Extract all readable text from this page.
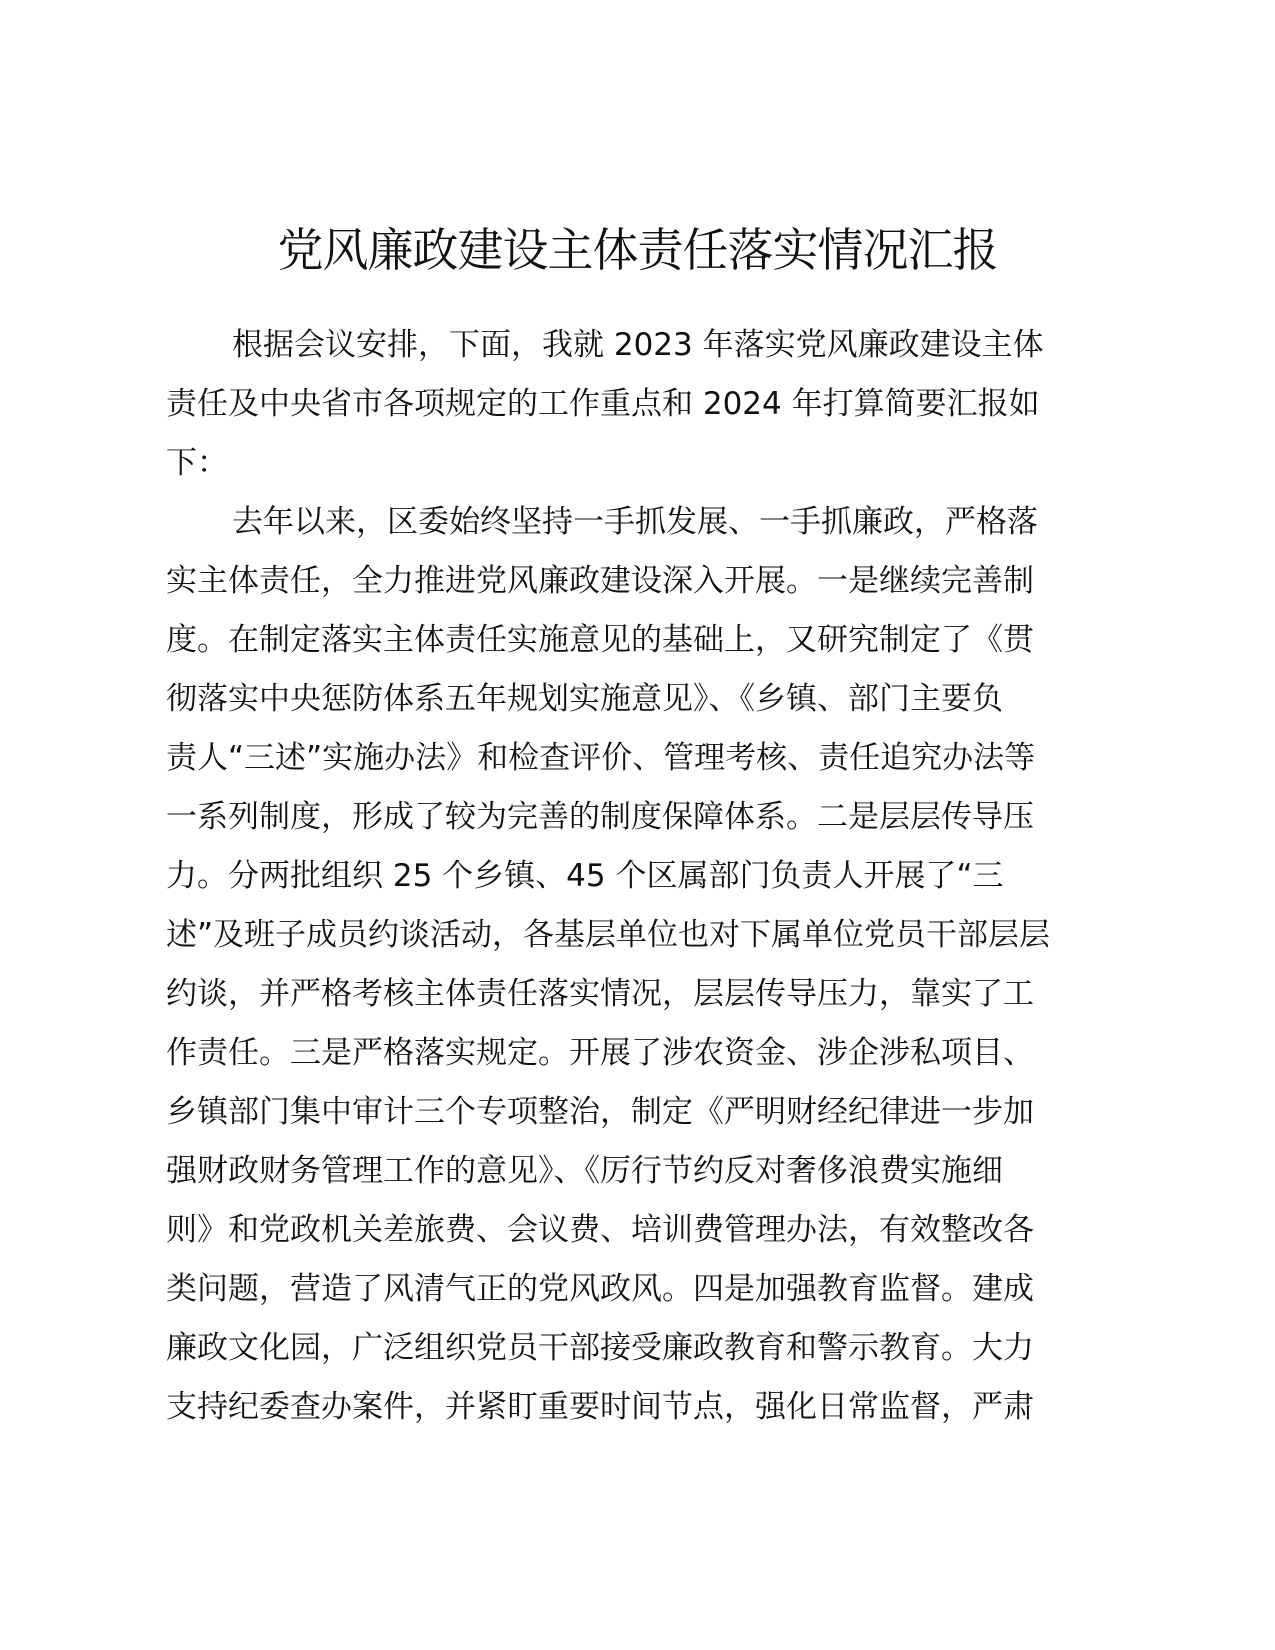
党风廉政建设主体责任落实情况汇报
根据会议安排，下面，我就 2023 年落实党风廉政建设主体
责任及中央省市各项规定的工作重点和 2024 年打算简要汇报如
下：
去年以来，区委始终坚持一手抓发展、一手抓廉政，严格落
实主体责任，全力推进党风廉政建设深入开展。一是继续完善制
度。在制定落实主体责任实施意见的基础上，又研究制定了《贯
彻落实中央惩防体系五年规划实施意见》、《乡镇、部门主要负
责人“三述”实施办法》和检查评价、管理考核、责任追究办法等
一系列制度，形成了较为完善的制度保障体系。二是层层传导压
力。分两批组织 25 个乡镇、45 个区属部门负责人开展了“三
述”及班子成员约谈活动，各基层单位也对下属单位党员干部层层
约谈，并严格考核主体责任落实情况，层层传导压力，靠实了工
作责任。三是严格落实规定。开展了涉农资金、涉企涉私项目、
乡镇部门集中审计三个专项整治，制定《严明财经纪律进一步加
强财政财务管理工作的意见》、《厉行节约反对奢侈浪费实施细
则》和党政机关差旅费、会议费、培训费管理办法，有效整改各
类问题，营造了风清气正的党风政风。四是加强教育监督。建成
廉政文化园，广泛组织党员干部接受廉政教育和警示教育。大力
支持纪委查办案件，并紧盯重要时间节点，强化日常监督，严肃
